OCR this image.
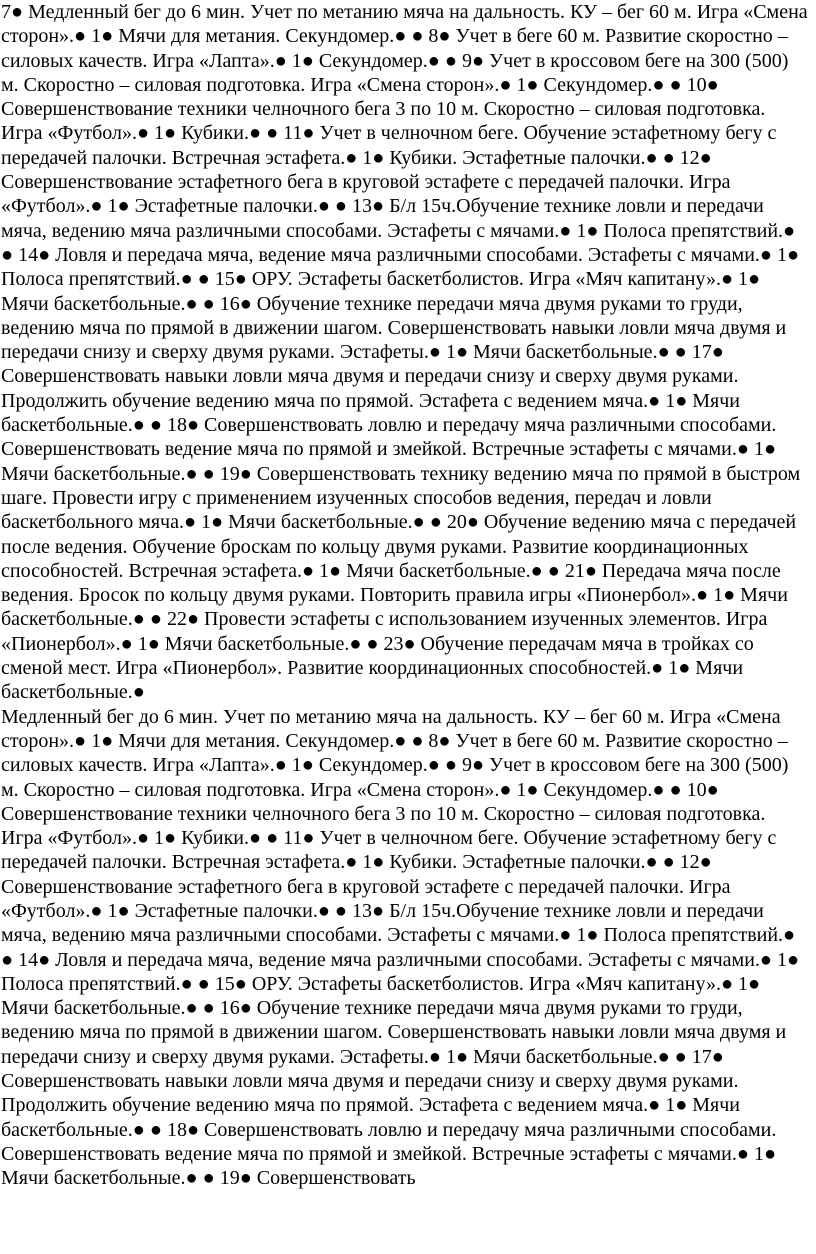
7● Медленный бег до 6 мин. Учет по метанию мяча на дальность. КУ – бег 60 м. Игра «Смена сторон».● 1● Мячи для метания. Секундомер.● ● 8● Учет в беге 60 м. Развитие скоростно – силовых качеств. Игра «Лапта».● 1● Секундомер.● ● 9● Учет в кроссовом беге на 300 (500) м. Скоростно – силовая подготовка. Игра «Смена сторон».● 1● Секундомер.● ● 10● Совершенствование техники челночного бега 3 по 10 м. Скоростно – силовая подготовка. Игра «Футбол».● 1● Кубики.● ● 11● Учет в челночном беге. Обучение эстафетному бегу с передачей палочки. Встречная эстафета.● 1● Кубики. Эстафетные палочки.● ● 12● Совершенствование эстафетного бега в круговой эстафете с передачей палочки. Игра «Футбол».● 1● Эстафетные палочки.● ● 13● Б/л 15ч.Обучение технике ловли и передачи мяча, ведению мяча различными способами. Эстафеты с мячами.● 1● Полоса препятствий.● ● 14● Ловля и передача мяча, ведение мяча различными способами. Эстафеты с мячами.● 1● Полоса препятствий.● ● 15● ОРУ. Эстафеты баскетболистов. Игра «Мяч капитану».● 1● Мячи баскетбольные.● ● 16● Обучение технике передачи мяча двумя руками то груди, ведению мяча по прямой в движении шагом. Совершенствовать навыки ловли мяча двумя и передачи снизу и сверху двумя руками. Эстафеты.● 1● Мячи баскетбольные.● ● 17● Совершенствовать навыки ловли мяча двумя и передачи снизу и сверху двумя руками. Продолжить обучение ведению мяча по прямой. Эстафета с ведением мяча.● 1● Мячи баскетбольные.● ● 18● Совершенствовать ловлю и передачу мяча различными способами. Совершенствовать ведение мяча по прямой и змейкой. Встречные эстафеты с мячами.● 1● Мячи баскетбольные.● ● 19● Совершенствовать технику ведению мяча по прямой в быстром шаге. Провести игру с применением изученных способов ведения, передач и ловли баскетбольного мяча.● 1● Мячи баскетбольные.● ● 20● Обучение ведению мяча с передачей после ведения. Обучение броскам по кольцу двумя руками. Развитие координационных способностей. Встречная эстафета.● 1● Мячи баскетбольные.● ● 21● Передача мяча после ведения. Бросок по кольцу двумя руками. Повторить правила игры «Пионербол».● 1● Мячи баскетбольные.● ● 22● Провести эстафеты с использованием изученных элементов. Игра «Пионербол».● 1● Мячи баскетбольные.● ● 23● Обучение передачам мяча в тройках со сменой мест. Игра «Пионербол». Развитие координационных способностей.● 1● Мячи баскетбольные.●

Медленный бег до 6 мин. Учет по метанию мяча на дальность. КУ – бег 60 м. Игра «Смена сторон».● 1● Мячи для метания. Секундомер.● ● 8● Учет в беге 60 м. Развитие скоростно – силовых качеств. Игра «Лапта».● 1● Секундомер.● ● 9● Учет в кроссовом беге на 300 (500) м. Скоростно – силовая подготовка. Игра «Смена сторон».● 1● Секундомер.● ● 10● Совершенствование техники челночного бега 3 по 10 м. Скоростно – силовая подготовка. Игра «Футбол».● 1● Кубики.● ● 11● Учет в челночном беге. Обучение эстафетному бегу с передачей палочки. Встречная эстафета.● 1● Кубики. Эстафетные палочки.● ● 12● Совершенствование эстафетного бега в круговой эстафете с передачей палочки. Игра «Футбол».● 1● Эстафетные палочки.● ● 13● Б/л 15ч.Обучение технике ловли и передачи мяча, ведению мяча различными способами. Эстафеты с мячами.● 1● Полоса препятствий.● ● 14● Ловля и передача мяча, ведение мяча различными способами. Эстафеты с мячами.● 1● Полоса препятствий.● ● 15● ОРУ. Эстафеты баскетболистов. Игра «Мяч капитану».● 1● Мячи баскетбольные.● ● 16● Обучение технике передачи мяча двумя руками то груди, ведению мяча по прямой в движении шагом. Совершенствовать навыки ловли мяча двумя и передачи снизу и сверху двумя руками. Эстафеты.● 1● Мячи баскетбольные.● ● 17● Совершенствовать навыки ловли мяча двумя и передачи снизу и сверху двумя руками. Продолжить обучение ведению мяча по прямой. Эстафета с ведением мяча.● 1● Мячи баскетбольные.● ● 18● Совершенствовать ловлю и передачу мяча различными способами. Совершенствовать ведение мяча по прямой и змейкой. Встречные эстафеты с мячами.● 1● Мячи баскетбольные.● ● 19● Совершенствовать
